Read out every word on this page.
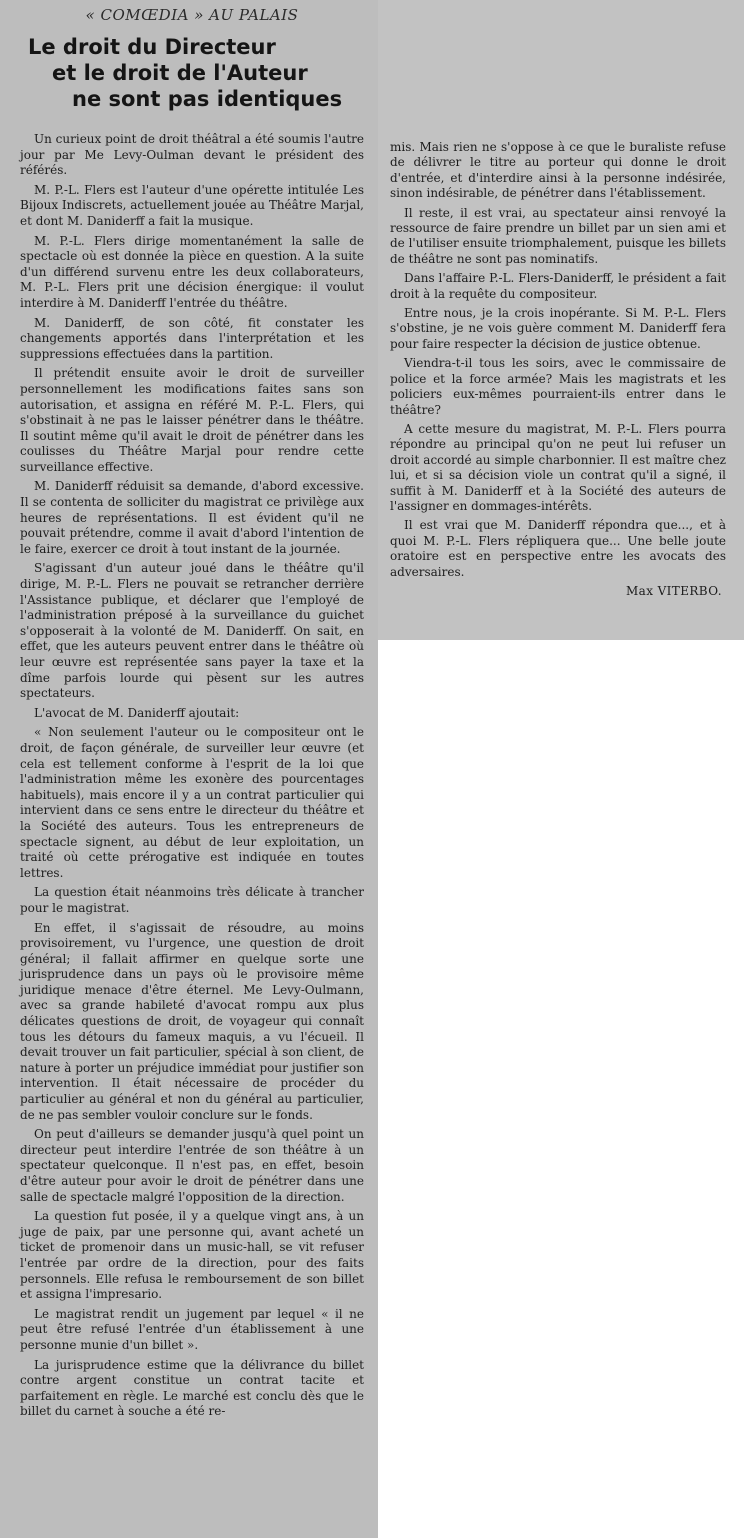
« COMŒDIA » AU PALAIS
Le droit du Directeur
et le droit de l'Auteur
ne sont pas identiques

Un curieux point de droit théâtral a été soumis l'autre jour par Me Levy-Oulman devant le président des référés.

M. P.-L. Flers est l'auteur d'une opérette intitulée Les Bijoux Indiscrets, actuellement jouée au Théâtre Marjal, et dont M. Daniderff a fait la musique.

M. P.-L. Flers dirige momentanément la salle de spectacle où est donnée la pièce en question. A la suite d'un différend survenu entre les deux collaborateurs, M. P.-L. Flers prit une décision énergique: il voulut interdire à M. Daniderff l'entrée du théâtre.

M. Daniderff, de son côté, fit constater les changements apportés dans l'interprétation et les suppressions effectuées dans la partition.

Il prétendit ensuite avoir le droit de surveiller personnellement les modifications faites sans son autorisation, et assigna en référé M. P.-L. Flers, qui s'obstinait à ne pas le laisser pénétrer dans le théâtre. Il soutint même qu'il avait le droit de pénétrer dans les coulisses du Théâtre Marjal pour rendre cette surveillance effective.

M. Daniderff réduisit sa demande, d'abord excessive. Il se contenta de solliciter du magistrat ce privilège aux heures de représentations. Il est évident qu'il ne pouvait prétendre, comme il avait d'abord l'intention de le faire, exercer ce droit à tout instant de la journée.

S'agissant d'un auteur joué dans le théâtre qu'il dirige, M. P.-L. Flers ne pouvait se retrancher derrière l'Assistance publique, et déclarer que l'employé de l'administration préposé à la surveillance du guichet s'opposerait à la volonté de M. Daniderff. On sait, en effet, que les auteurs peuvent entrer dans le théâtre où leur œuvre est représentée sans payer la taxe et la dîme parfois lourde qui pèsent sur les autres spectateurs.

L'avocat de M. Daniderff ajoutait:

« Non seulement l'auteur ou le compositeur ont le droit, de façon générale, de surveiller leur œuvre (et cela est tellement conforme à l'esprit de la loi que l'administration même les exonère des pourcentages habituels), mais encore il y a un contrat particulier qui intervient dans ce sens entre le directeur du théâtre et la Société des auteurs. Tous les entrepreneurs de spectacle signent, au début de leur exploitation, un traité où cette prérogative est indiquée en toutes lettres.

La question était néanmoins très délicate à trancher pour le magistrat.

En effet, il s'agissait de résoudre, au moins provisoirement, vu l'urgence, une question de droit général; il fallait affirmer en quelque sorte une jurisprudence dans un pays où le provisoire même juridique menace d'être éternel. Me Levy-Oulmann, avec sa grande habileté d'avocat rompu aux plus délicates questions de droit, de voyageur qui connaît tous les détours du fameux maquis, a vu l'écueil. Il devait trouver un fait particulier, spécial à son client, de nature à porter un préjudice immédiat pour justifier son intervention. Il était nécessaire de procéder du particulier au général et non du général au particulier, de ne pas sembler vouloir conclure sur le fonds.

On peut d'ailleurs se demander jusqu'à quel point un directeur peut interdire l'entrée de son théâtre à un spectateur quelconque. Il n'est pas, en effet, besoin d'être auteur pour avoir le droit de pénétrer dans une salle de spectacle malgré l'opposition de la direction.

La question fut posée, il y a quelque vingt ans, à un juge de paix, par une personne qui, avant acheté un ticket de promenoir dans un music-hall, se vit refuser l'entrée par ordre de la direction, pour des faits personnels. Elle refusa le remboursement de son billet et assigna l'impresario.

Le magistrat rendit un jugement par lequel « il ne peut être refusé l'entrée d'un établissement à une personne munie d'un billet ».

La jurisprudence estime que la délivrance du billet contre argent constitue un contrat tacite et parfaitement en règle. Le marché est conclu dès que le billet du carnet à souche a été re-

mis. Mais rien ne s'oppose à ce que le buraliste refuse de délivrer le titre au porteur qui donne le droit d'entrée, et d'interdire ainsi à la personne indésirée, sinon indésirable, de pénétrer dans l'établissement.

Il reste, il est vrai, au spectateur ainsi renvoyé la ressource de faire prendre un billet par un sien ami et de l'utiliser ensuite triomphalement, puisque les billets de théâtre ne sont pas nominatifs.

Dans l'affaire P.-L. Flers-Daniderff, le président a fait droit à la requête du compositeur.

Entre nous, je la crois inopérante. Si M. P.-L. Flers s'obstine, je ne vois guère comment M. Daniderff fera pour faire respecter la décision de justice obtenue.

Viendra-t-il tous les soirs, avec le commissaire de police et la force armée? Mais les magistrats et les policiers eux-mêmes pourraient-ils entrer dans le théâtre?

A cette mesure du magistrat, M. P.-L. Flers pourra répondre au principal qu'on ne peut lui refuser un droit accordé au simple charbonnier. Il est maître chez lui, et si sa décision viole un contrat qu'il a signé, il suffit à M. Daniderff et à la Société des auteurs de l'assigner en dommages-intérêts.

Il est vrai que M. Daniderff répondra que..., et à quoi M. P.-L. Flers répliquera que... Une belle joute oratoire est en perspective entre les avocats des adversaires.

Max VITERBO.
